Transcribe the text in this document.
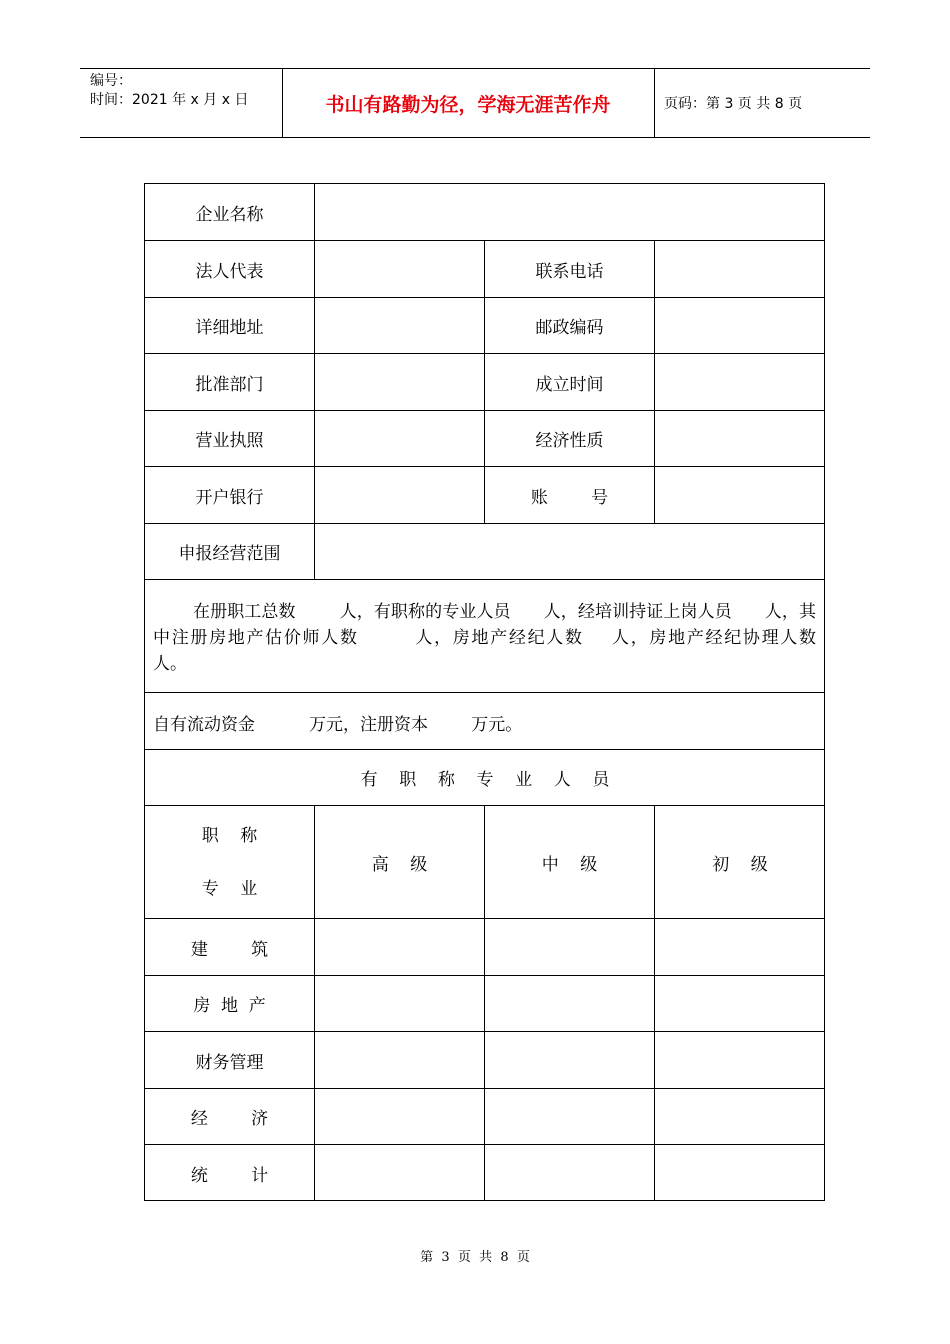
编号：
时间：2021 年 x 月 x 日	书山有路勤为径，学海无涯苦作舟	页码：第 3 页 共 8 页
企业名称
法人代表	联系电话
详细地址	邮政编码
批准部门	成立时间
营业执照	经济性质
开户银行	账        号
申报经营范围
在册职工总数        人，有职称的专业人员      人，经培训持证上岗人员      人，其中注册房地产估价师人数        人，房地产经纪人数    人，房地产经纪协理人数                        人。
自有流动资金          万元，注册资本        万元。
有    职    称    专    业    人    员
职    称
专    业
高    级	中    级	初    级
建        筑
房  地  产
财务管理
经        济
统        计
第  3  页  共  8  页
